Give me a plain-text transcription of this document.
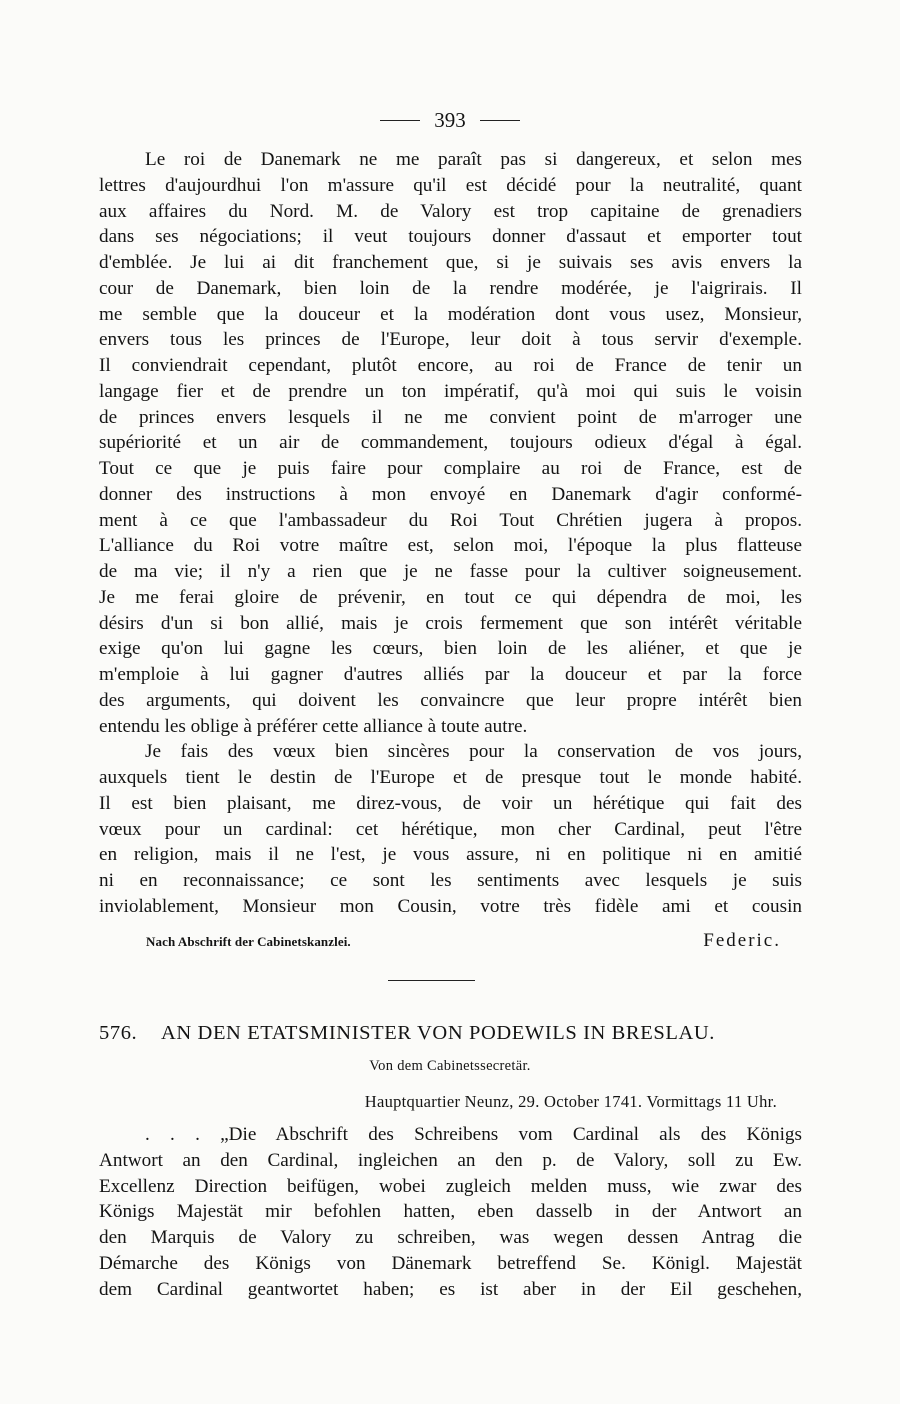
393
Le roi de Danemark ne me paraît pas si dangereux, et selon mes
lettres d'aujourdhui l'on m'assure qu'il est décidé pour la neutralité, quant
aux affaires du Nord. M. de Valory est trop capitaine de grenadiers
dans ses négociations; il veut toujours donner d'assaut et emporter tout
d'emblée. Je lui ai dit franchement que, si je suivais ses avis envers la
cour de Danemark, bien loin de la rendre modérée, je l'aigrirais. Il
me semble que la douceur et la modération dont vous usez, Monsieur,
envers tous les princes de l'Europe, leur doit à tous servir d'exemple.
Il conviendrait cependant, plutôt encore, au roi de France de tenir un
langage fier et de prendre un ton impératif, qu'à moi qui suis le voisin
de princes envers lesquels il ne me convient point de m'arroger une
supériorité et un air de commandement, toujours odieux d'égal à égal.
Tout ce que je puis faire pour complaire au roi de France, est de
donner des instructions à mon envoyé en Danemark d'agir conformé-
ment à ce que l'ambassadeur du Roi Tout Chrétien jugera à propos.
L'alliance du Roi votre maître est, selon moi, l'époque la plus flatteuse
de ma vie; il n'y a rien que je ne fasse pour la cultiver soigneusement.
Je me ferai gloire de prévenir, en tout ce qui dépendra de moi, les
désirs d'un si bon allié, mais je crois fermement que son intérêt véritable
exige qu'on lui gagne les cœurs, bien loin de les aliéner, et que je
m'emploie à lui gagner d'autres alliés par la douceur et par la force
des arguments, qui doivent les convaincre que leur propre intérêt bien
entendu les oblige à préférer cette alliance à toute autre.
Je fais des vœux bien sincères pour la conservation de vos jours,
auxquels tient le destin de l'Europe et de presque tout le monde habité.
Il est bien plaisant, me direz-vous, de voir un hérétique qui fait des
vœux pour un cardinal: cet hérétique, mon cher Cardinal, peut l'être
en religion, mais il ne l'est, je vous assure, ni en politique ni en amitié
ni en reconnaissance; ce sont les sentiments avec lesquels je suis
inviolablement, Monsieur mon Cousin, votre très fidèle ami et cousin
Nach Abschrift der Cabinetskanzlei.	Federic.
576. AN DEN ETATSMINISTER VON PODEWILS IN BRESLAU.
Von dem Cabinetssecretär.
Hauptquartier Neunz, 29. October 1741. Vormittags 11 Uhr.
. . . „Die Abschrift des Schreibens vom Cardinal als des Königs
Antwort an den Cardinal, ingleichen an den p. de Valory, soll zu Ew.
Excellenz Direction beifügen, wobei zugleich melden muss, wie zwar des
Königs Majestät mir befohlen hatten, eben dasselb in der Antwort an
den Marquis de Valory zu schreiben, was wegen dessen Antrag die
Démarche des Königs von Dänemark betreffend Se. Königl. Majestät
dem Cardinal geantwortet haben; es ist aber in der Eil geschehen,
